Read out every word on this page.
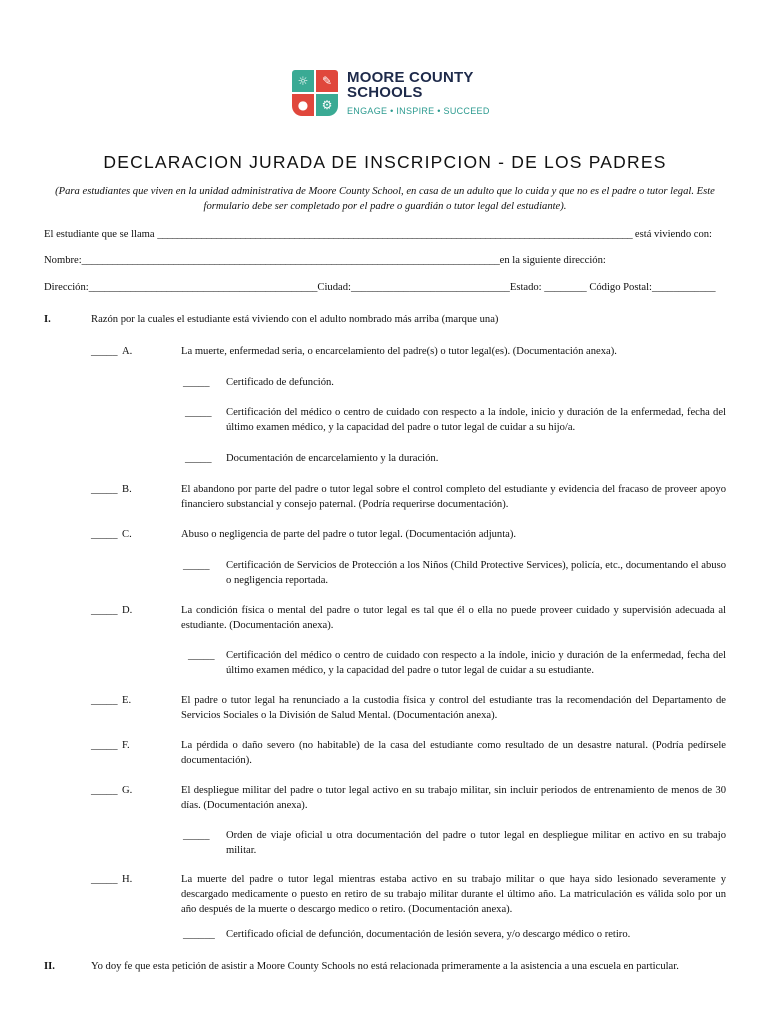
☼	✎
●	⚙
MOORE COUNTY
SCHOOLS
ENGAGE • INSPIRE • SUCCEED
DECLARACION JURADA DE INSCRIPCION - DE LOS PADRES
(Para estudiantes que viven en la unidad administrativa de Moore County School, en casa de un adulto que lo cuida y que no es el padre o tutor legal. Este formulario debe ser completado por el padre o guardián o tutor legal del estudiante).
El estudiante que se llama _________________________________________________________________________________________________ está viviendo con:
Nombre:__________________________________________________________________________________en la siguiente dirección:
Dirección:____________________________________________Ciudad:______________________________Estado: ________ Código Postal:____________
I.	Razón por la cuales el estudiante está viviendo con el adulto nombrado más arriba (marque una)
_____ A.	La muerte, enfermedad seria, o encarcelamiento del padre(s) o tutor legal(es). (Documentación anexa).
_____ Certificado de defunción.
_____ Certificación del médico o centro de cuidado con respecto a la índole, inicio y duración de la enfermedad, fecha del último examen médico, y la capacidad del padre o tutor legal de cuidar a su hijo/a.
_____ Documentación de encarcelamiento y la duración.
_____ B.	El abandono por parte del padre o tutor legal sobre el control completo del estudiante y evidencia del fracaso de proveer apoyo financiero substancial y consejo paternal. (Podría requerirse documentación).
_____ C.	Abuso o negligencia de parte del padre o tutor legal. (Documentación adjunta).
_____ Certificación de Servicios de Protección a los Niños (Child Protective Services), policía, etc., documentando el abuso o negligencia reportada.
_____ D.	La condición física o mental del padre o tutor legal es tal que él o ella no puede proveer cuidado y supervisión adecuada al estudiante. (Documentación anexa).
_____ Certificación del médico o centro de cuidado con respecto a la índole, inicio y duración de la enfermedad, fecha del último examen médico, y la capacidad del padre o tutor legal de cuidar a su estudiante.
_____ E.	El padre o tutor legal ha renunciado a la custodia física y control del estudiante tras la recomendación del Departamento de Servicios Sociales o la División de Salud Mental. (Documentación anexa).
_____ F.	La pérdida o daño severo (no habitable) de la casa del estudiante como resultado de un desastre natural. (Podría pedírsele documentación).
_____ G.	El despliegue militar del padre o tutor legal activo en su trabajo militar, sin incluir periodos de entrenamiento de menos de 30 días. (Documentación anexa).
_____ Orden de viaje oficial u otra documentación del padre o tutor legal en despliegue militar en activo en su trabajo militar.
_____ H.	La muerte del padre o tutor legal mientras estaba activo en su trabajo militar o que haya sido lesionado severamente y descargado medicamente o puesto en retiro de su trabajo militar durante el último año. La matriculación es válida solo por un año después de la muerte o descargo medico o retiro. (Documentación anexa).
______ Certificado oficial de defunción, documentación de lesión severa, y/o descargo médico o retiro.
II.	Yo doy fe que esta petición de asistir a Moore County Schools no está relacionada primeramente a la asistencia a una escuela en particular.
